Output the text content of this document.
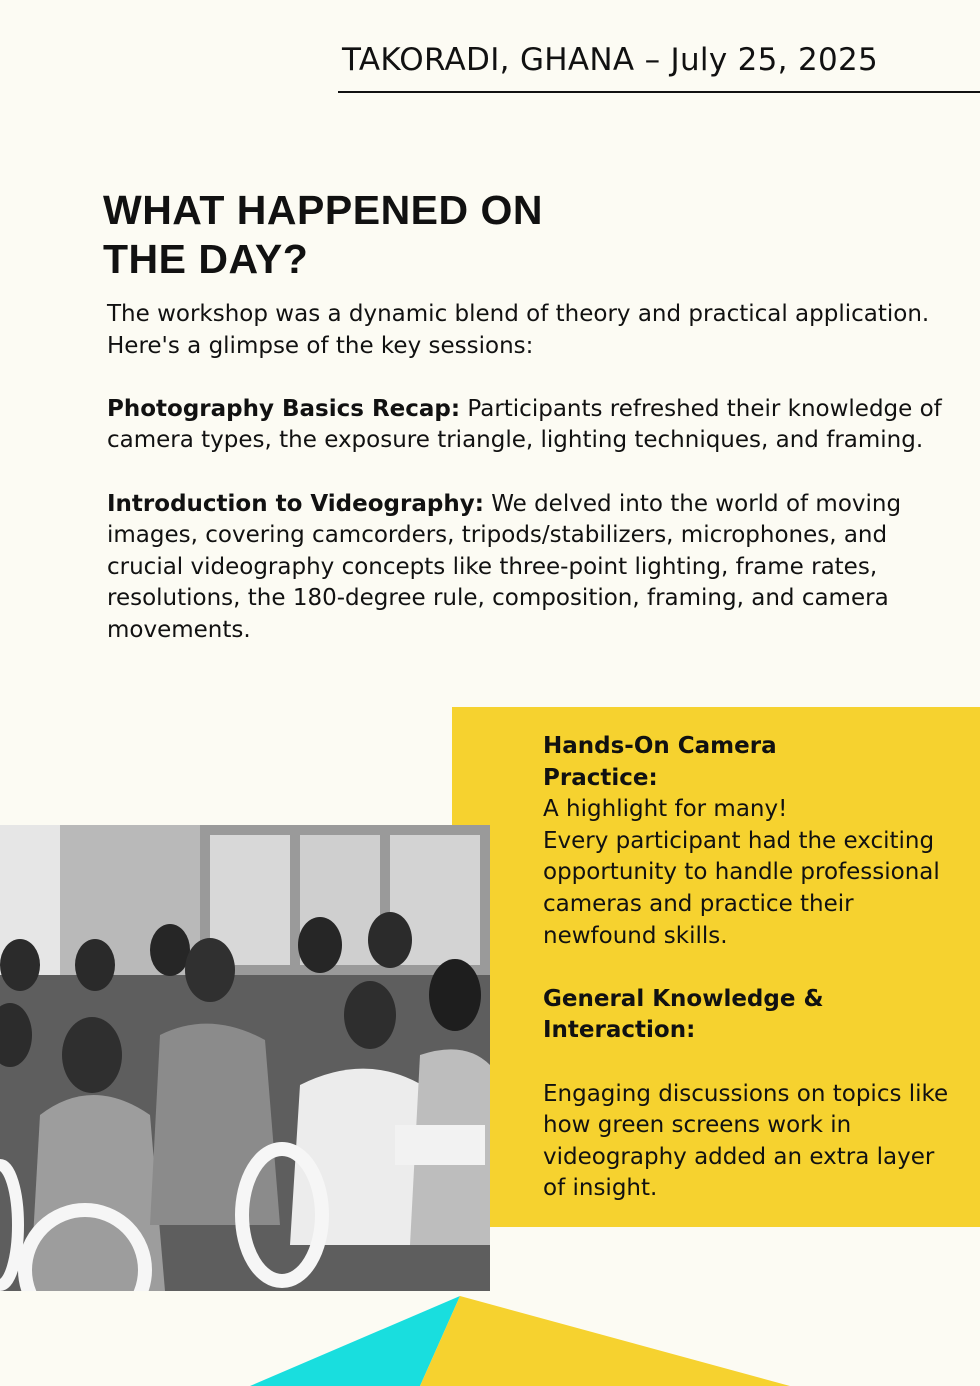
TAKORADI, GHANA – July 25, 2025
WHAT HAPPENED ON
THE DAY?

The workshop was a dynamic blend of theory and practical application. Here's a glimpse of the key sessions:

Photography Basics Recap: Participants refreshed their knowledge of camera types, the exposure triangle, lighting techniques, and framing.

Introduction to Videography: We delved into the world of moving images, covering camcorders, tripods/stabilizers, microphones, and crucial videography concepts like three-point lighting, frame rates, resolutions, the 180-degree rule, composition, framing, and camera movements.

Hands-On Camera
Practice:

A highlight for many!

Every participant had the exciting opportunity to handle professional cameras and practice their newfound skills.

General Knowledge &
Interaction:

Engaging discussions on topics like how green screens work in videography added an extra layer of insight.
